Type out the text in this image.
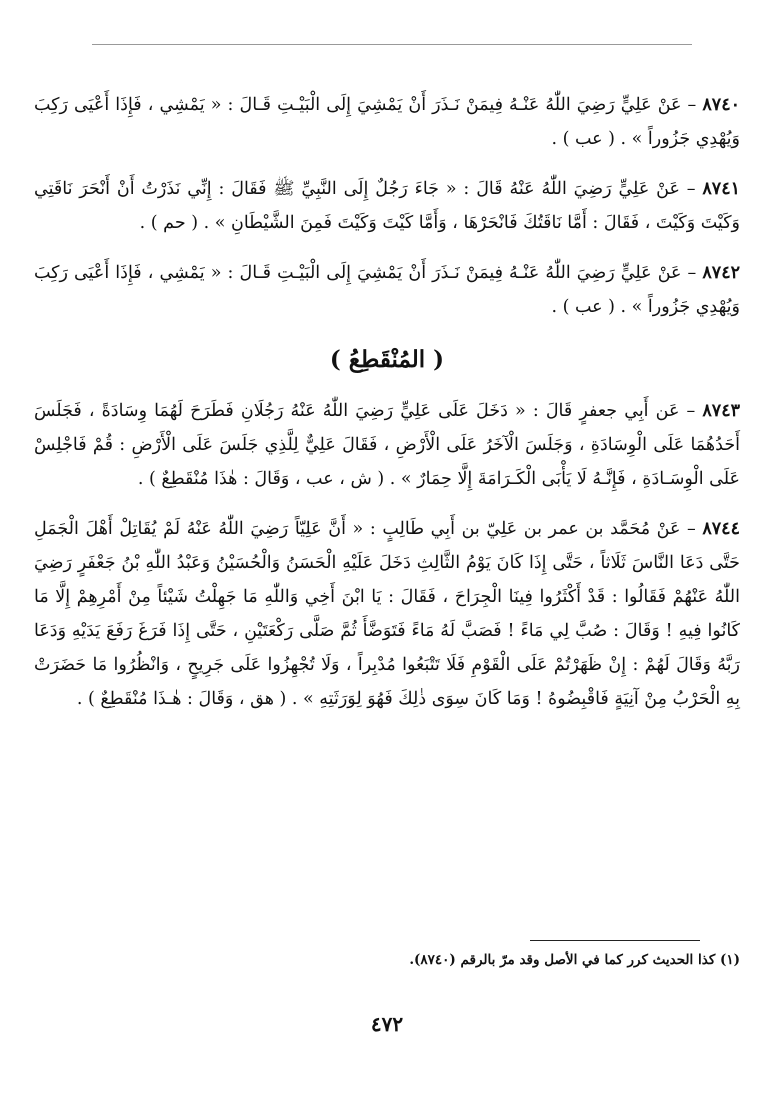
٨٧٤٠ – عَنْ عَلِيٍّ رَضِيَ اللّٰهُ عَنْـهُ فِيمَنْ نَـذَرَ أَنْ يَمْشِيَ إِلَى الْبَيْـتِ قَـالَ : « يَمْشِي ، فَإِذَا أَعْيَى رَكِبَ وَيُهْدِي جَزُوراً » . ( عب ) .

٨٧٤١ – عَنْ عَلِيٍّ رَضِيَ اللّٰهُ عَنْهُ قَالَ : « جَاءَ رَجُلٌ إِلَى النَّبِيِّ ﷺ فَقَالَ : إِنِّي نَذَرْتُ أَنْ أَنْحَرَ نَاقَتِي وَكَيْتَ وَكَيْتَ ، فَقَالَ : أَمَّا نَاقَتُكَ فَانْحَرْهَا ، وَأَمَّا كَيْتَ وَكَيْتَ فَمِنَ الشَّيْطَانِ » . ( حم ) .

٨٧٤٢ – عَنْ عَلِيٍّ رَضِيَ اللّٰهُ عَنْـهُ فِيمَنْ نَـذَرَ أَنْ يَمْشِيَ إِلَى الْبَيْـتِ قَـالَ : « يَمْشِي ، فَإِذَا أَعْيَى رَكِبَ وَيُهْدِي جَزُوراً » . ( عب ) .

( المُنْقَطِعُ )

٨٧٤٣ – عَن أَبِي جعفرٍ قَالَ : « دَخَلَ عَلَى عَلِيٍّ رَضِيَ اللّٰهُ عَنْهُ رَجُلَانِ فَطَرَحَ لَهُمَا وِسَادَةً ، فَجَلَسَ أَحَدُهُمَا عَلَى الْوِسَادَةِ ، وَجَلَسَ الْآخَرُ عَلَى الْأَرْضِ ، فَقَالَ عَلِيٌّ لِلَّذِي جَلَسَ عَلَى الْأَرْضِ : قُمْ فَاجْلِسْ عَلَى الْوِسَـادَةِ ، فَإِنَّـهُ لَا يَأْبَى الْكَـرَامَةَ إِلَّا حِمَارٌ » . ( ش ، عب ، وَقَالَ : هٰذَا مُنْقَطِعٌ ) .

٨٧٤٤ – عَنْ مُحَمَّد بن عمر بن عَلِيّ بن أَبِي طَالِبٍ : « أَنَّ عَلِيّاً رَضِيَ اللّٰهُ عَنْهُ لَمْ يُقَاتِلْ أَهْلَ الْجَمَلِ حَتَّى دَعَا النَّاسَ ثَلَاثاً ، حَتَّى إِذَا كَانَ يَوْمُ الثَّالِثِ دَخَلَ عَلَيْهِ الْحَسَنُ وَالْحُسَيْنُ وَعَبْدُ اللّٰهِ بْنُ جَعْفَرٍ رَضِيَ اللّٰهُ عَنْهُمْ فَقَالُوا : قَدْ أَكْثَرُوا فِينَا الْجِرَاحَ ، فَقَالَ : يَا ابْنَ أَخِي وَاللّٰهِ مَا جَهِلْتُ شَيْئاً مِنْ أَمْرِهِمْ إِلَّا مَا كَانُوا فِيهِ ! وَقَالَ : صُبَّ لِي مَاءً ! فَصَبَّ لَهُ مَاءً فَتَوَضَّأَ ثُمَّ صَلَّى رَكْعَتَيْنِ ، حَتَّى إِذَا فَرَغَ رَفَعَ يَدَيْهِ وَدَعَا رَبَّهُ وَقَالَ لَهُمْ : إِنْ ظَهَرْتُمْ عَلَى الْقَوْمِ فَلَا تَتْبَعُوا مُدْبِراً ، وَلَا تُجْهِزُوا عَلَى جَرِيحٍ ، وَانْظُرُوا مَا حَضَرَتْ بِهِ الْحَرْبُ مِنْ آنِيَةٍ فَاقْبِضُوهُ ! وَمَا كَانَ سِوَى ذٰلِكَ فَهُوَ لِوَرَثَتِهِ » . ( هق ، وَقَالَ : هٰـذَا مُنْقَطِعٌ ) .

(١) كذا الحديث كرر كما في الأصل وقد مرّ بالرقم (٨٧٤٠).
٤٧٢
